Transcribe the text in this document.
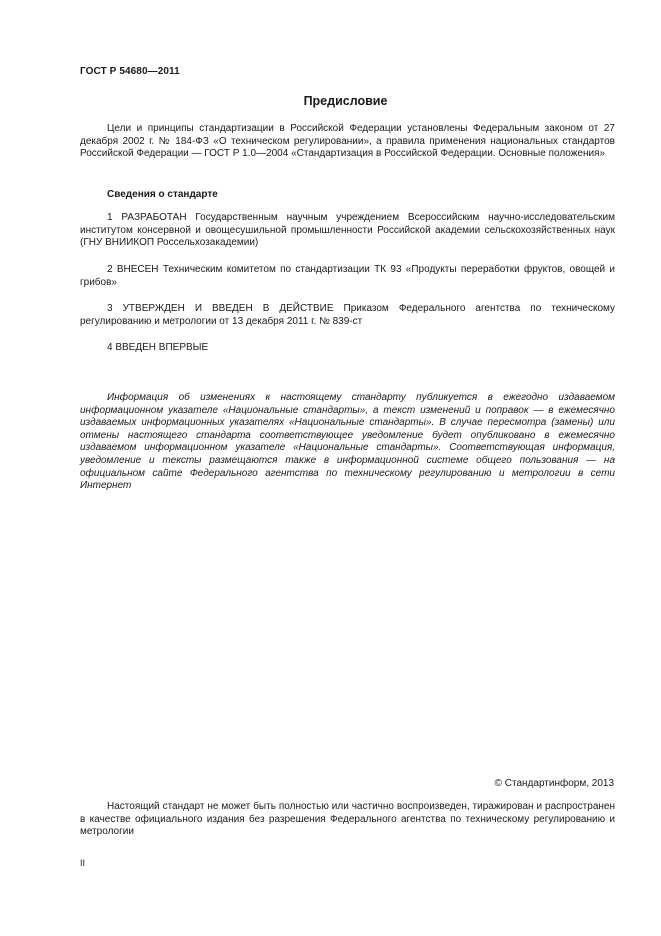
ГОСТ Р 54680—2011
Предисловие
Цели и принципы стандартизации в Российской Федерации установлены Федеральным законом от 27 декабря 2002 г. № 184-ФЗ «О техническом регулировании», а правила применения национальных стандартов Российской Федерации — ГОСТ Р 1.0—2004 «Стандартизация в Российской Федерации. Основные положения»
Сведения о стандарте
1 РАЗРАБОТАН Государственным научным учреждением Всероссийским научно-исследовательским институтом консервной и овощесушильной промышленности Российской академии сельскохозяйственных наук (ГНУ ВНИИКОП Россельхозакадемии)
2 ВНЕСЕН Техническим комитетом по стандартизации ТК 93 «Продукты переработки фруктов, овощей и грибов»
3 УТВЕРЖДЕН И ВВЕДЕН В ДЕЙСТВИЕ Приказом Федерального агентства по техническому регулированию и метрологии от 13 декабря 2011 г. № 839-ст
4 ВВЕДЕН ВПЕРВЫЕ
Информация об изменениях к настоящему стандарту публикуется в ежегодно издаваемом информационном указателе «Национальные стандарты», а текст изменений и поправок — в ежемесячно издаваемых информационных указателях «Национальные стандарты». В случае пересмотра (замены) или отмены настоящего стандарта соответствующее уведомление будет опубликовано в ежемесячно издаваемом информационном указателе «Национальные стандарты». Соответствующая информация, уведомление и тексты размещаются также в информационной системе общего пользования — на официальном сайте Федерального агентства по техническому регулированию и метрологии в сети Интернет
© Стандартинформ, 2013
Настоящий стандарт не может быть полностью или частично воспроизведен, тиражирован и распространен в качестве официального издания без разрешения Федерального агентства по техническому регулированию и метрологии
II
